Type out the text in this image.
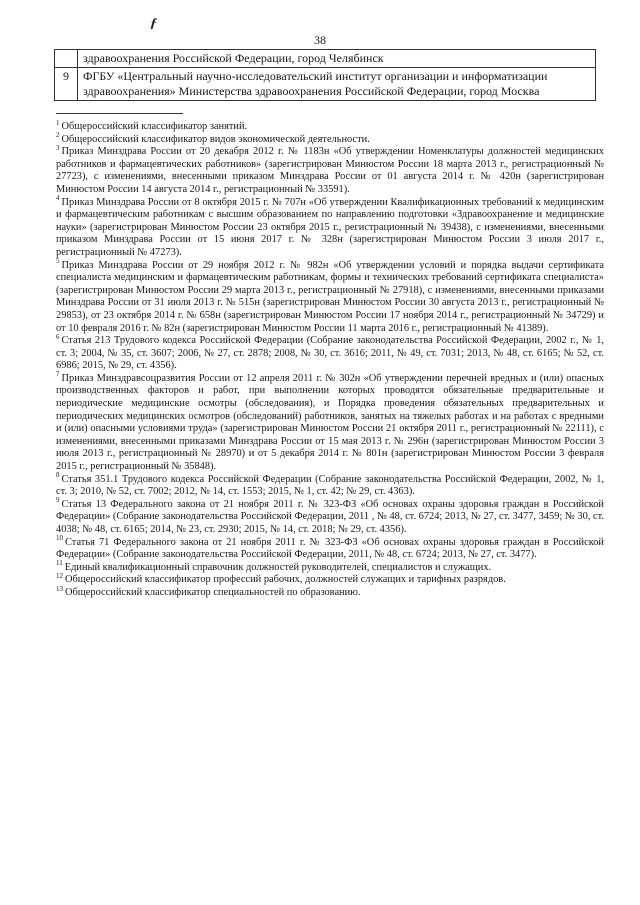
ƒ
38
	здравоохранения Российской Федерации, город Челябинск
9	ФГБУ «Центральный научно-исследовательский институт организации и информатизации здравоохранения» Министерства здравоохранения Российской Федерации, город Москва

$^1$ Общероссийский классификатор занятий.

$^2$ Общероссийский классификатор видов экономической деятельности.

$^3$ Приказ Минздрава России от 20 декабря 2012 г. № 1183н «Об утверждении Номенклатуры должностей медицинских работников и фармацевтических работников» (зарегистрирован Минюстом России 18 марта 2013 г., регистрационный № 27723), с изменениями, внесенными приказом Минздрава России от 01 августа 2014 г. № 420н (зарегистрирован Минюстом России 14 августа 2014 г., регистрационный № 33591).

$^4$ Приказ Минздрава России от 8 октября 2015 г. № 707н «Об утверждении Квалификационных требований к медицинским и фармацевтическим работникам с высшим образованием по направлению подготовки «Здравоохранение и медицинские науки» (зарегистрирован Минюстом России 23 октября 2015 г., регистрационный № 39438), с изменениями, внесенными приказом Минздрава России от 15 июня 2017 г. № 328н (зарегистрирован Минюстом России 3 июля 2017 г., регистрационный № 47273).

$^5$ Приказ Минздрава России от 29 ноября 2012 г. № 982н «Об утверждении условий и порядка выдачи сертификата специалиста медицинским и фармацевтическим работникам, формы и технических требований сертификата специалиста» (зарегистрирован Минюстом России 29 марта 2013 г., регистрационный № 27918), с изменениями, внесенными приказами Минздрава России от 31 июля 2013 г. № 515н (зарегистрирован Минюстом России 30 августа 2013 г., регистрационный № 29853), от 23 октября 2014 г. № 658н (зарегистрирован Минюстом России 17 ноября 2014 г., регистрационный № 34729) и от 10 февраля 2016 г. № 82н (зарегистрирован Минюстом России 11 марта 2016 г., регистрационный № 41389).

$^6$ Статья 213 Трудового кодекса Российской Федерации (Собрание законодательства Российской Федерации, 2002 г., № 1, ст. 3; 2004, № 35, ст. 3607; 2006, № 27, ст. 2878; 2008, № 30, ст. 3616; 2011, № 49, ст. 7031; 2013, № 48, ст. 6165; № 52, ст. 6986; 2015, № 29, ст. 4356).

$^7$ Приказ Минздравсоцразвития России от 12 апреля 2011 г. № 302н «Об утверждении перечней вредных и (или) опасных производственных факторов и работ, при выполнении которых проводятся обязательные предварительные и периодические медицинские осмотры (обследования), и Порядка проведения обязательных предварительных и периодических медицинских осмотров (обследований) работников, занятых на тяжелых работах и на работах с вредными и (или) опасными условиями труда» (зарегистрирован Минюстом России 21 октября 2011 г., регистрационный № 22111), с изменениями, внесенными приказами Минздрава России от 15 мая 2013 г. № 296н (зарегистрирован Минюстом России 3 июля 2013 г., регистрационный № 28970) и от 5 декабря 2014 г. № 801н (зарегистрирован Минюстом России 3 февраля 2015 г., регистрационный № 35848).

$^8$ Статья 351.1 Трудового кодекса Российской Федерации (Собрание законодательства Российской Федерации, 2002, № 1, ст. 3; 2010, № 52, ст. 7002; 2012, № 14, ст. 1553; 2015, № 1, ст. 42; № 29, ст. 4363).

$^9$ Статья 13 Федерального закона от 21 ноября 2011 г. № 323-ФЗ «Об основах охраны здоровья граждан в Российской Федерации» (Собрание законодательства Российской Федерации, 2011 , № 48, ст. 6724; 2013, № 27, ст. 3477, 3459; № 30, ст. 4038; № 48, ст. 6165; 2014, № 23, ст. 2930; 2015, № 14, ст. 2018; № 29, ст. 4356).

$^{10}$ Статья 71 Федерального закона от 21 ноября 2011 г. № 323-ФЗ «Об основах охраны здоровья граждан в Российской Федерации» (Собрание законодательства Российской Федерации, 2011, № 48, ст. 6724; 2013, № 27, ст. 3477).

$^{11}$ Единый квалификационный справочник должностей руководителей, специалистов и служащих.

$^{12}$ Общероссийский классификатор профессий рабочих, должностей служащих и тарифных разрядов.

$^{13}$ Общероссийский классификатор специальностей по образованию.
